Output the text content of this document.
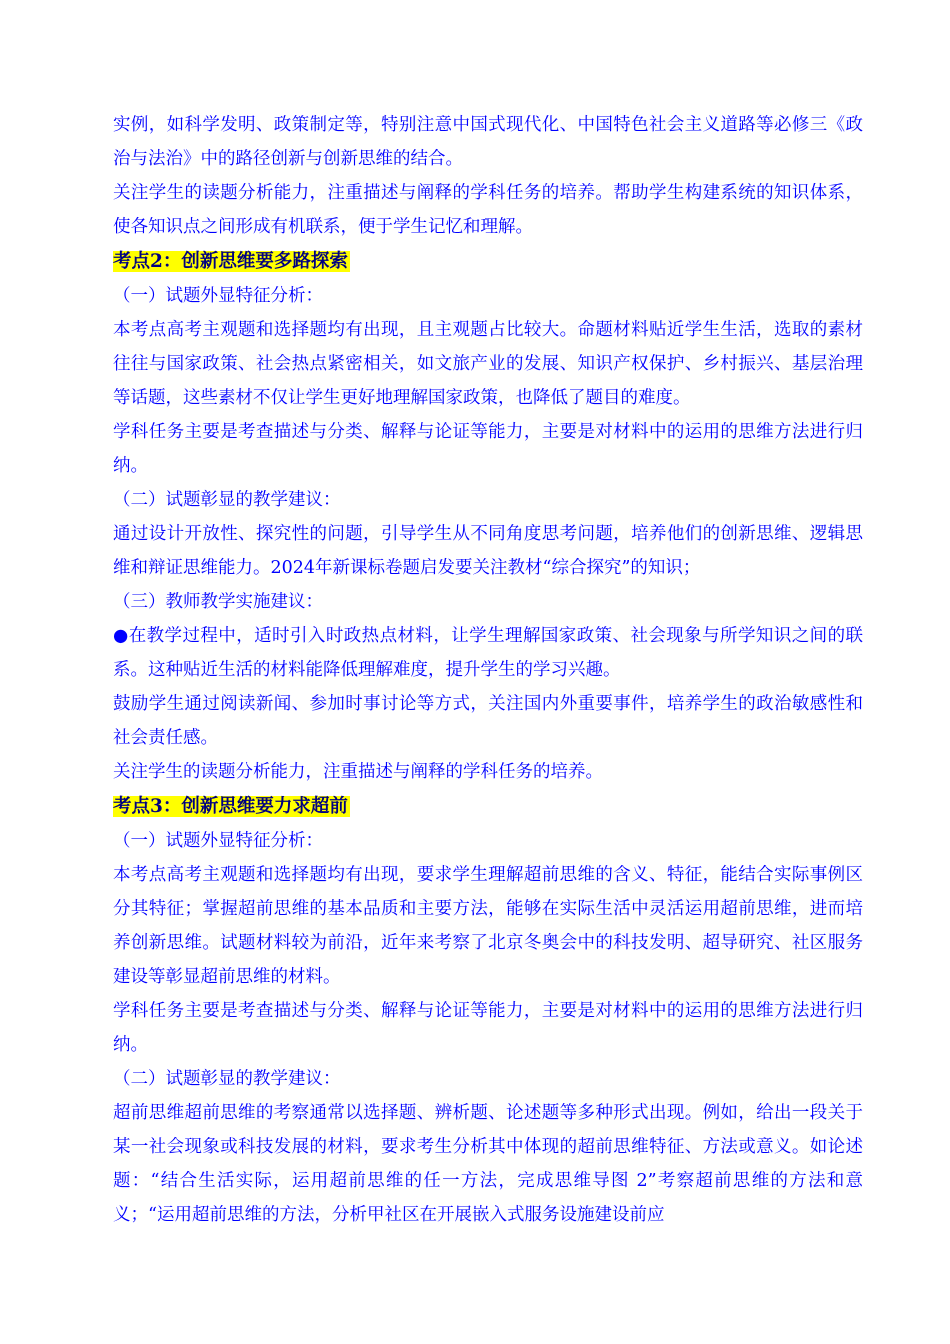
实例，如科学发明、政策制定等，特别注意中国式现代化、中国特色社会主义道路等必修三《政治与法治》中的路径创新与创新思维的结合。

关注学生的读题分析能力，注重描述与阐释的学科任务的培养。帮助学生构建系统的知识体系，使各知识点之间形成有机联系，便于学生记忆和理解。

考点2：创新思维要多路探索

（一）试题外显特征分析：

本考点高考主观题和选择题均有出现，且主观题占比较大。命题材料贴近学生生活，选取的素材往往与国家政策、社会热点紧密相关，如文旅产业的发展、知识产权保护、乡村振兴、基层治理等话题，这些素材不仅让学生更好地理解国家政策，也降低了题目的难度。

学科任务主要是考查描述与分类、解释与论证等能力，主要是对材料中的运用的思维方法进行归纳。

（二）试题彰显的教学建议：

通过设计开放性、探究性的问题，引导学生从不同角度思考问题，培养他们的创新思维、逻辑思维和辩证思维能力。2024年新课标卷题启发要关注教材“综合探究”的知识；

（三）教师教学实施建议：

●在教学过程中，适时引入时政热点材料，让学生理解国家政策、社会现象与所学知识之间的联系。这种贴近生活的材料能降低理解难度，提升学生的学习兴趣。

鼓励学生通过阅读新闻、参加时事讨论等方式，关注国内外重要事件，培养学生的政治敏感性和社会责任感。

关注学生的读题分析能力，注重描述与阐释的学科任务的培养。

考点3：创新思维要力求超前

（一）试题外显特征分析：

本考点高考主观题和选择题均有出现，要求学生理解超前思维的含义、特征，能结合实际事例区分其特征；掌握超前思维的基本品质和主要方法，能够在实际生活中灵活运用超前思维，进而培养创新思维。试题材料较为前沿，近年来考察了北京冬奥会中的科技发明、超导研究、社区服务建设等彰显超前思维的材料。

学科任务主要是考查描述与分类、解释与论证等能力，主要是对材料中的运用的思维方法进行归纳。

（二）试题彰显的教学建议：

超前思维超前思维的考察通常以选择题、辨析题、论述题等多种形式出现。例如，给出一段关于某一社会现象或科技发展的材料，要求考生分析其中体现的超前思维特征、方法或意义。如论述题：“结合生活实际，运用超前思维的任一方法，完成思维导图 2”考察超前思维的方法和意义；“运用超前思维的方法，分析甲社区在开展嵌入式服务设施建设前应
